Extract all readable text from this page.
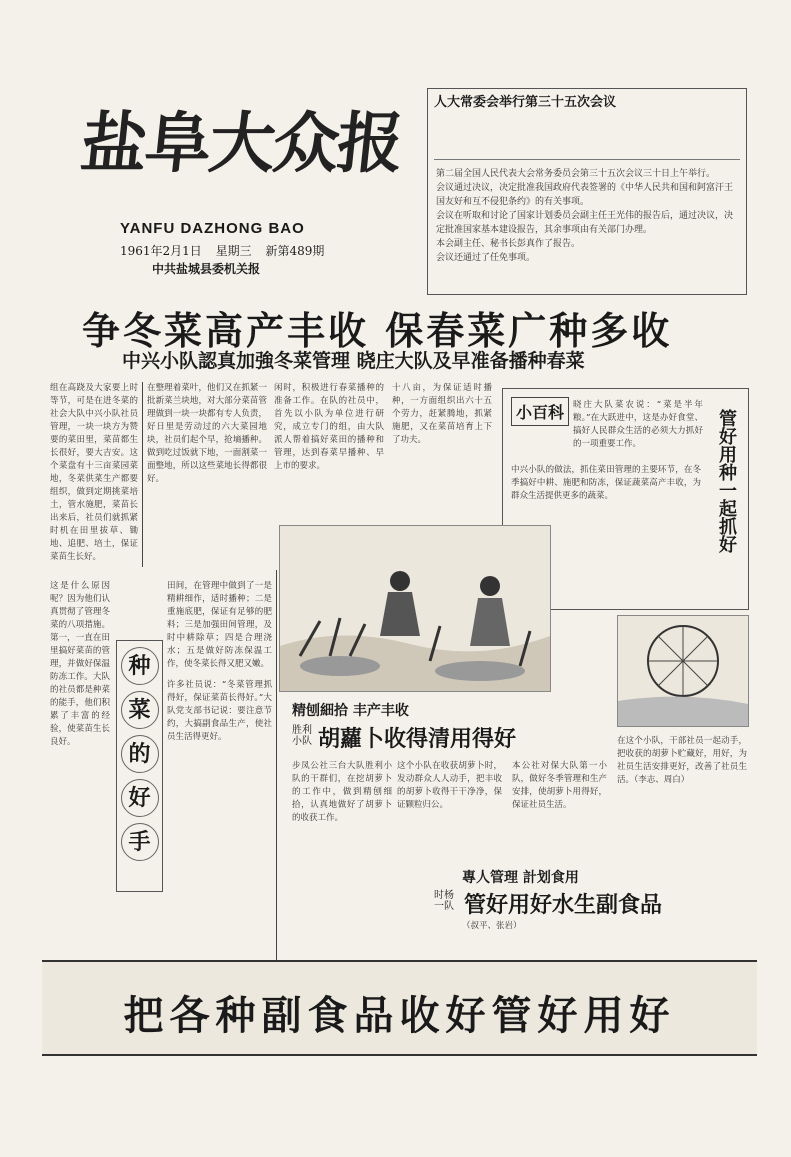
盐阜大众报
YANFU DAZHONG BAO
1961年2月1日 星期三 新第489期
中共盐城县委机关报
人大常委会举行第三十五次会议
第二届全国人民代表大会常务委员会第三十五次会议三十日上午举行。
会议通过决议，决定批准我国政府代表签署的《中华人民共和国和阿富汗王国友好和互不侵犯条约》的有关事项。
会议在听取和讨论了国家计划委员会副主任王光伟的报告后，通过决议，决定批准国家基本建设报告，其余事项由有关部门办理。
本会副主任、秘书长彭真作了报告。
会议还通过了任免事项。
争冬菜高产丰收 保春菜广种多收
中兴小队認真加強冬菜管理 晓庄大队及早准备播种春菜
组在高跷及大家要上时等节，可是在进冬菜的社会大队中兴小队社员管理，一块一块方为赞要的菜田里，菜苗都生长很好，要大吉安。这个菜盘有十三亩菜园菜地，冬菜供菜生产都要组织，做到定期挑菜培土，管水施肥，菜苗长出来后，社员们就抓紧时机在田里拔草、锄地、追肥、培土，保证菜苗生长好。
在整理着菜叶，他们又在抓紧一批新菜兰块地，对大部分菜苗管理做到一块一块都有专人负责，好日里是劳动过的六大菜园地块，社员们起个早，抢墒播种。做到吃过饭就下地，一面割菜一面整地，所以这些菜地长得都很好。
闲时，积极进行春菜播种的准备工作。在队的社员中，首先以小队为单位进行研究，成立专门的组，由大队派人帮着搞好菜田的播种和管理，达到春菜早播种、早上市的要求。
十八亩，为保证适时播种，一方面组织出六十五个劳力，赶紧腾地，抓紧施肥，又在菜苗培育上下了功夫。
小百科	晓庄大队菜农说：“菜是半年粮。”在大跃进中，这是办好食堂、搞好人民群众生活的必须大力抓好的一项重要工作。
中兴小队的做法，抓住菜田管理的主要环节，在冬季搞好中耕、施肥和防冻，保证蔬菜高产丰收，为群众生活提供更多的蔬菜。	管好用种一起抓好
这是什么原因呢？因为他们认真贯彻了管理冬菜的八项措施。第一，一直在田里搞好菜苗的管理，并做好保温防冻工作。大队的社员都是种菜的能手，他们积累了丰富的经验，使菜苗生长良好。
种
菜
的
好
手
田间，在管理中做到了一是精耕细作，适时播种；二是重施底肥，保证有足够的肥料；三是加强田间管理，及时中耕除草；四是合理浇水；五是做好防冻保温工作，使冬菜长得又肥又嫩。
许多社员说：“冬菜管理抓得好，保证菜苗长得好。”大队党支部书记说：要注意节约，大搞副食品生产，使社员生活得更好。
精刨細拾 丰产丰收
胜利小队 胡蘿卜收得清用得好
步凤公社三台大队胜利小队的干群们，在挖胡萝卜的工作中，做到精刨细拾，认真地做好了胡萝卜的收获工作。
这个小队在收获胡萝卜时，发动群众人人动手，把丰收的胡萝卜收得干干净净，保证颗粒归公。
（叔平、张岩）
本公社对保大队第一小队，做好冬季管理和生产安排，使胡萝卜用得好，保证社员生活。
在这个小队，干部社员一起动手，把收获的胡萝卜贮藏好，用好，为社员生活安排更好，改善了社员生活。（李志、周白）
專人管理 計划食用
时杨一队 管好用好水生副食品
把各种副食品收好管好用好
